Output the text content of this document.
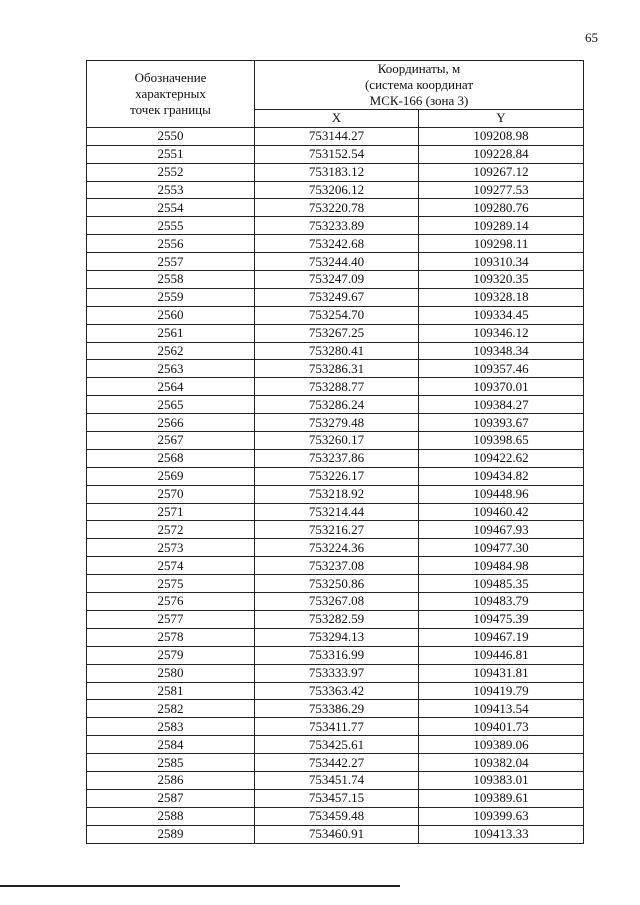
65
Обозначение
характерных
точек границы	Координаты, м
(система координат
МСК-166 (зона 3)	

	X	Y
2550	753144.27	109208.98
2551	753152.54	109228.84
2552	753183.12	109267.12
2553	753206.12	109277.53
2554	753220.78	109280.76
2555	753233.89	109289.14
2556	753242.68	109298.11
2557	753244.40	109310.34
2558	753247.09	109320.35
2559	753249.67	109328.18
2560	753254.70	109334.45
2561	753267.25	109346.12
2562	753280.41	109348.34
2563	753286.31	109357.46
2564	753288.77	109370.01
2565	753286.24	109384.27
2566	753279.48	109393.67
2567	753260.17	109398.65
2568	753237.86	109422.62
2569	753226.17	109434.82
2570	753218.92	109448.96
2571	753214.44	109460.42
2572	753216.27	109467.93
2573	753224.36	109477.30
2574	753237.08	109484.98
2575	753250.86	109485.35
2576	753267.08	109483.79
2577	753282.59	109475.39
2578	753294.13	109467.19
2579	753316.99	109446.81
2580	753333.97	109431.81
2581	753363.42	109419.79
2582	753386.29	109413.54
2583	753411.77	109401.73
2584	753425.61	109389.06
2585	753442.27	109382.04
2586	753451.74	109383.01
2587	753457.15	109389.61
2588	753459.48	109399.63
2589	753460.91	109413.33
